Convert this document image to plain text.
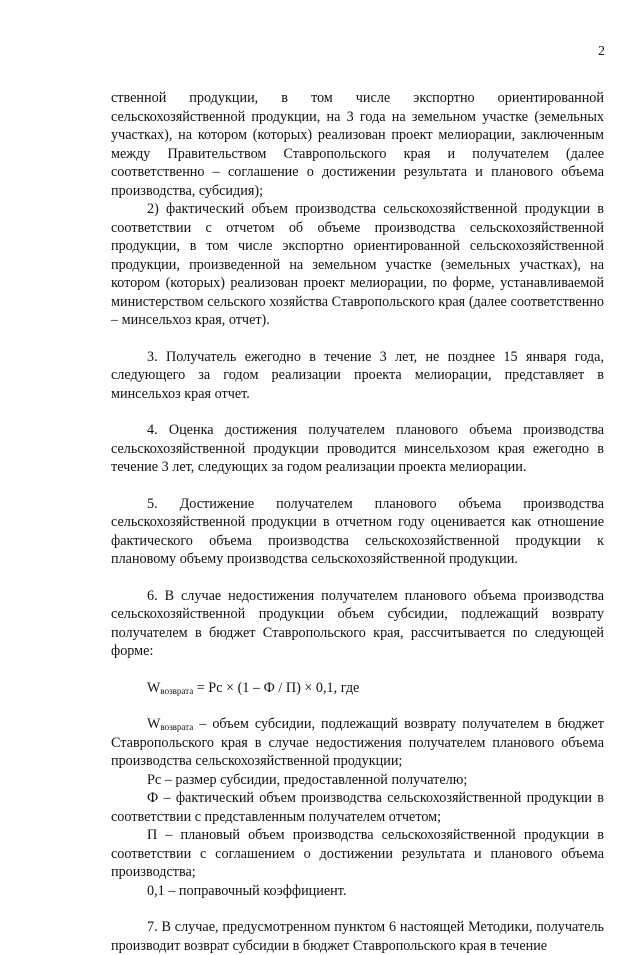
2

ственной продукции, в том числе экспортно ориентированной сельскохозяйственной продукции, на 3 года на земельном участке (земельных участках), на котором (которых) реализован проект мелиорации, заключенным между Правительством Ставропольского края и получателем (далее соответственно – соглашение о достижении результата и планового объема производства, субсидия);

2) фактический объем производства сельскохозяйственной продукции в соответствии с отчетом об объеме производства сельскохозяйственной продукции, в том числе экспортно ориентированной сельскохозяйственной продукции, произведенной на земельном участке (земельных участках), на котором (которых) реализован проект мелиорации, по форме, устанавливаемой министерством сельского хозяйства Ставропольского края (далее соответственно – минсельхоз края, отчет).

3. Получатель ежегодно в течение 3 лет, не позднее 15 января года, следующего за годом реализации проекта мелиорации, представляет в минсельхоз края отчет.

4. Оценка достижения получателем планового объема производства сельскохозяйственной продукции проводится минсельхозом края ежегодно в течение 3 лет, следующих за годом реализации проекта мелиорации.

5. Достижение получателем планового объема производства сельскохозяйственной продукции в отчетном году оценивается как отношение фактического объема производства сельскохозяйственной продукции к плановому объему производства сельскохозяйственной продукции.

6. В случае недостижения получателем планового объема производства сельскохозяйственной продукции объем субсидии, подлежащий возврату получателем в бюджет Ставропольского края, рассчитывается по следующей форме:

$W_{возврата}$ = Рс × (1 – Ф / П) × 0,1, где

$W_{возврата}$ – объем субсидии, подлежащий возврату получателем в бюджет Ставропольского края в случае недостижения получателем планового объема производства сельскохозяйственной продукции;

Рс – размер субсидии, предоставленной получателю;

Ф – фактический объем производства сельскохозяйственной продукции в соответствии с представленным получателем отчетом;

П – плановый объем производства сельскохозяйственной продукции в соответствии с соглашением о достижении результата и планового объема производства;

0,1 – поправочный коэффициент.

7. В случае, предусмотренном пунктом 6 настоящей Методики, получатель производит возврат субсидии в бюджет Ставропольского края в течение
